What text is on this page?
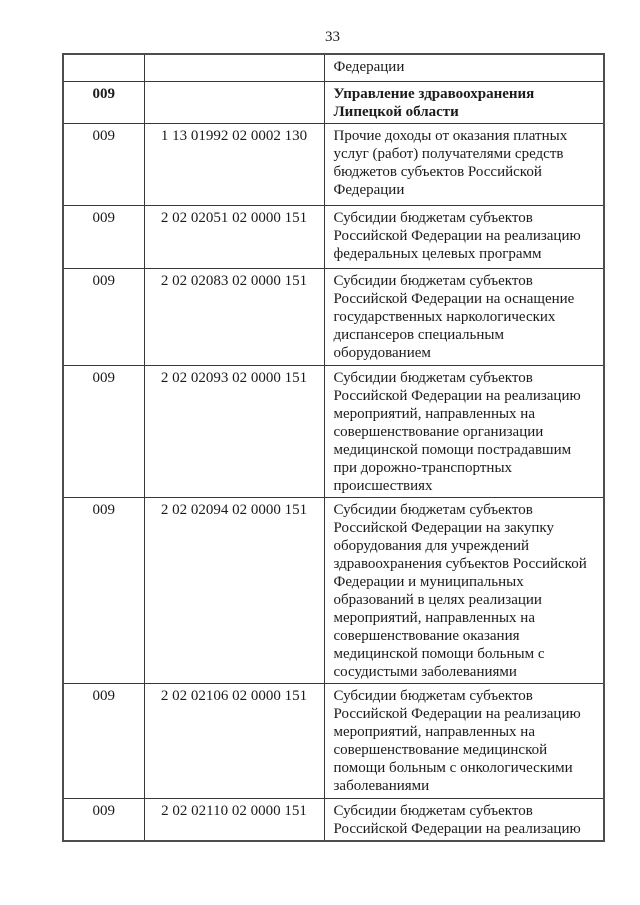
33
		Федерации
009		Управление здравоохранения Липецкой области
009	1 13 01992 02 0002 130	Прочие доходы от оказания платных услуг (работ) получателями средств бюджетов субъектов Российской Федерации
009	2 02 02051 02 0000 151	Субсидии бюджетам субъектов Российской Федерации на реализацию федеральных целевых программ
009	2 02 02083 02 0000 151	Субсидии бюджетам субъектов Российской Федерации на оснащение государственных наркологических диспансеров специальным оборудованием
009	2 02 02093 02 0000 151	Субсидии бюджетам субъектов Российской Федерации на реализацию мероприятий, направленных на совершенствование организации медицинской помощи пострадавшим при дорожно-транспортных происшествиях
009	2 02 02094 02 0000 151	Субсидии бюджетам субъектов Российской Федерации на закупку оборудования для учреждений здравоохранения субъектов Российской Федерации и муниципальных образований в целях реализации мероприятий, направленных на совершенствование оказания медицинской помощи больным с сосудистыми заболеваниями
009	2 02 02106 02 0000 151	Субсидии бюджетам субъектов Российской Федерации на реализацию мероприятий, направленных на совершенствование медицинской помощи больным с онкологическими заболеваниями
009	2 02 02110 02 0000 151	Субсидии бюджетам субъектов Российской Федерации на реализацию
